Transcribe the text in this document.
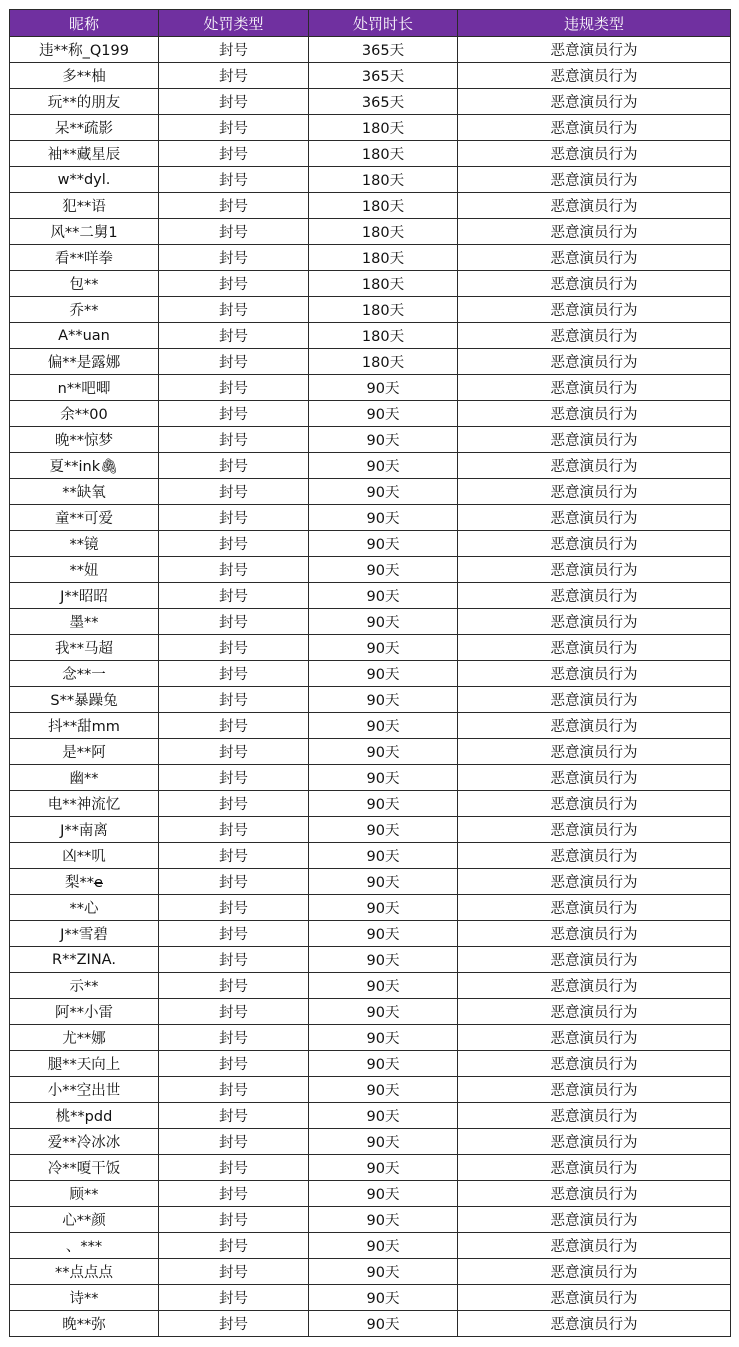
昵称	处罚类型	处罚时长	违规类型
违**称_Q199	封号	365天	恶意演员行为
多**柚	封号	365天	恶意演员行为
玩**的朋友	封号	365天	恶意演员行为
呆**疏影	封号	180天	恶意演员行为
袖**藏星辰	封号	180天	恶意演员行为
w**dyl.	封号	180天	恶意演员行为
犯**语	封号	180天	恶意演员行为
风**二舅1	封号	180天	恶意演员行为
看**咩拳	封号	180天	恶意演员行为
包**	封号	180天	恶意演员行为
乔**	封号	180天	恶意演员行为
A**uan	封号	180天	恶意演员行为
偏**是露娜	封号	180天	恶意演员行为
n**吧唧	封号	90天	恶意演员行为
余**00	封号	90天	恶意演员行为
晚**惊梦	封号	90天	恶意演员行为
夏**ink🖇	封号	90天	恶意演员行为
**缺氧	封号	90天	恶意演员行为
童**可爱	封号	90天	恶意演员行为
**镜	封号	90天	恶意演员行为
**妞	封号	90天	恶意演员行为
J**昭昭	封号	90天	恶意演员行为
墨**	封号	90天	恶意演员行为
我**马超	封号	90天	恶意演员行为
念**一	封号	90天	恶意演员行为
S**暴躁兔	封号	90天	恶意演员行为
抖**甜mm	封号	90天	恶意演员行为
是**阿	封号	90天	恶意演员行为
幽**	封号	90天	恶意演员行为
电**神流忆	封号	90天	恶意演员行为
J**南离	封号	90天	恶意演员行为
凶**叽	封号	90天	恶意演员行为
梨**e̶	封号	90天	恶意演员行为
**心	封号	90天	恶意演员行为
J**雪碧	封号	90天	恶意演员行为
R**ZINA.	封号	90天	恶意演员行为
示**	封号	90天	恶意演员行为
阿**小雷	封号	90天	恶意演员行为
尤**娜	封号	90天	恶意演员行为
腿**天向上	封号	90天	恶意演员行为
小**空出世	封号	90天	恶意演员行为
桃**pdd	封号	90天	恶意演员行为
爱**冷冰冰	封号	90天	恶意演员行为
冷**嗄干饭	封号	90天	恶意演员行为
顾**	封号	90天	恶意演员行为
心**颜	封号	90天	恶意演员行为
、***	封号	90天	恶意演员行为
**点点点	封号	90天	恶意演员行为
诗**	封号	90天	恶意演员行为
晚**弥	封号	90天	恶意演员行为
